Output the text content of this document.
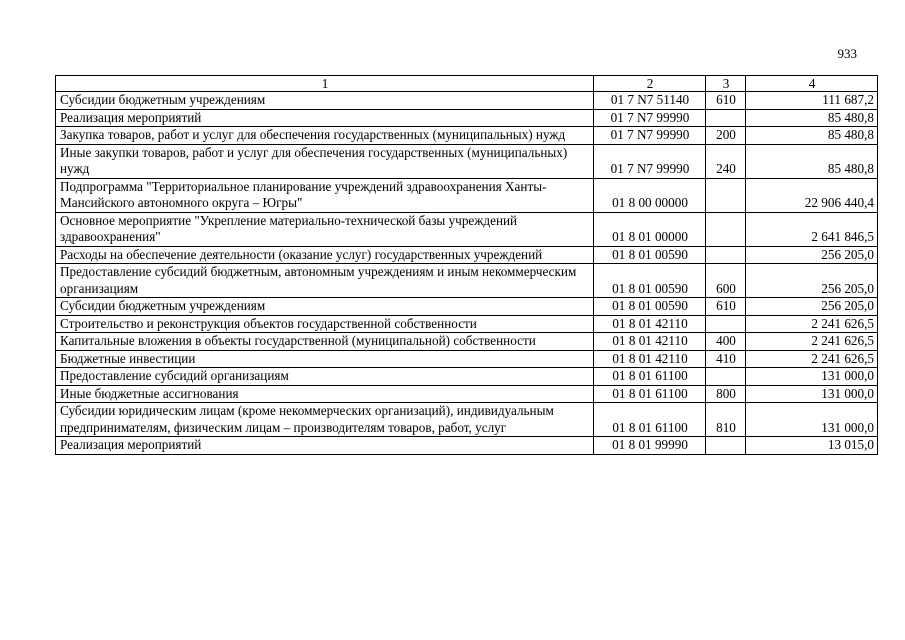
933
1	2	3	4
Субсидии бюджетным учреждениям	01 7 N7 51140	610	111 687,2
Реализация мероприятий	01 7 N7 99990		85 480,8
Закупка товаров, работ и услуг для обеспечения государственных (муниципальных) нужд	01 7 N7 99990	200	85 480,8
Иные закупки товаров, работ и услуг для обеспечения государственных (муниципальных) нужд	01 7 N7 99990	240	85 480,8
Подпрограмма "Территориальное планирование учреждений здравоохранения Ханты-Мансийского автономного округа – Югры"	01 8 00 00000		22 906 440,4
Основное мероприятие "Укрепление материально-технической базы учреждений здравоохранения"	01 8 01 00000		2 641 846,5
Расходы на обеспечение деятельности (оказание услуг) государственных учреждений	01 8 01 00590		256 205,0
Предоставление субсидий бюджетным, автономным учреждениям и иным некоммерческим организациям	01 8 01 00590	600	256 205,0
Субсидии бюджетным учреждениям	01 8 01 00590	610	256 205,0
Строительство и реконструкция объектов государственной собственности	01 8 01 42110		2 241 626,5
Капитальные вложения в объекты государственной (муниципальной) собственности	01 8 01 42110	400	2 241 626,5
Бюджетные инвестиции	01 8 01 42110	410	2 241 626,5
Предоставление субсидий организациям	01 8 01 61100		131 000,0
Иные бюджетные ассигнования	01 8 01 61100	800	131 000,0
Субсидии юридическим лицам (кроме некоммерческих организаций), индивидуальным предпринимателям, физическим лицам – производителям товаров, работ, услуг	01 8 01 61100	810	131 000,0
Реализация мероприятий	01 8 01 99990		13 015,0
